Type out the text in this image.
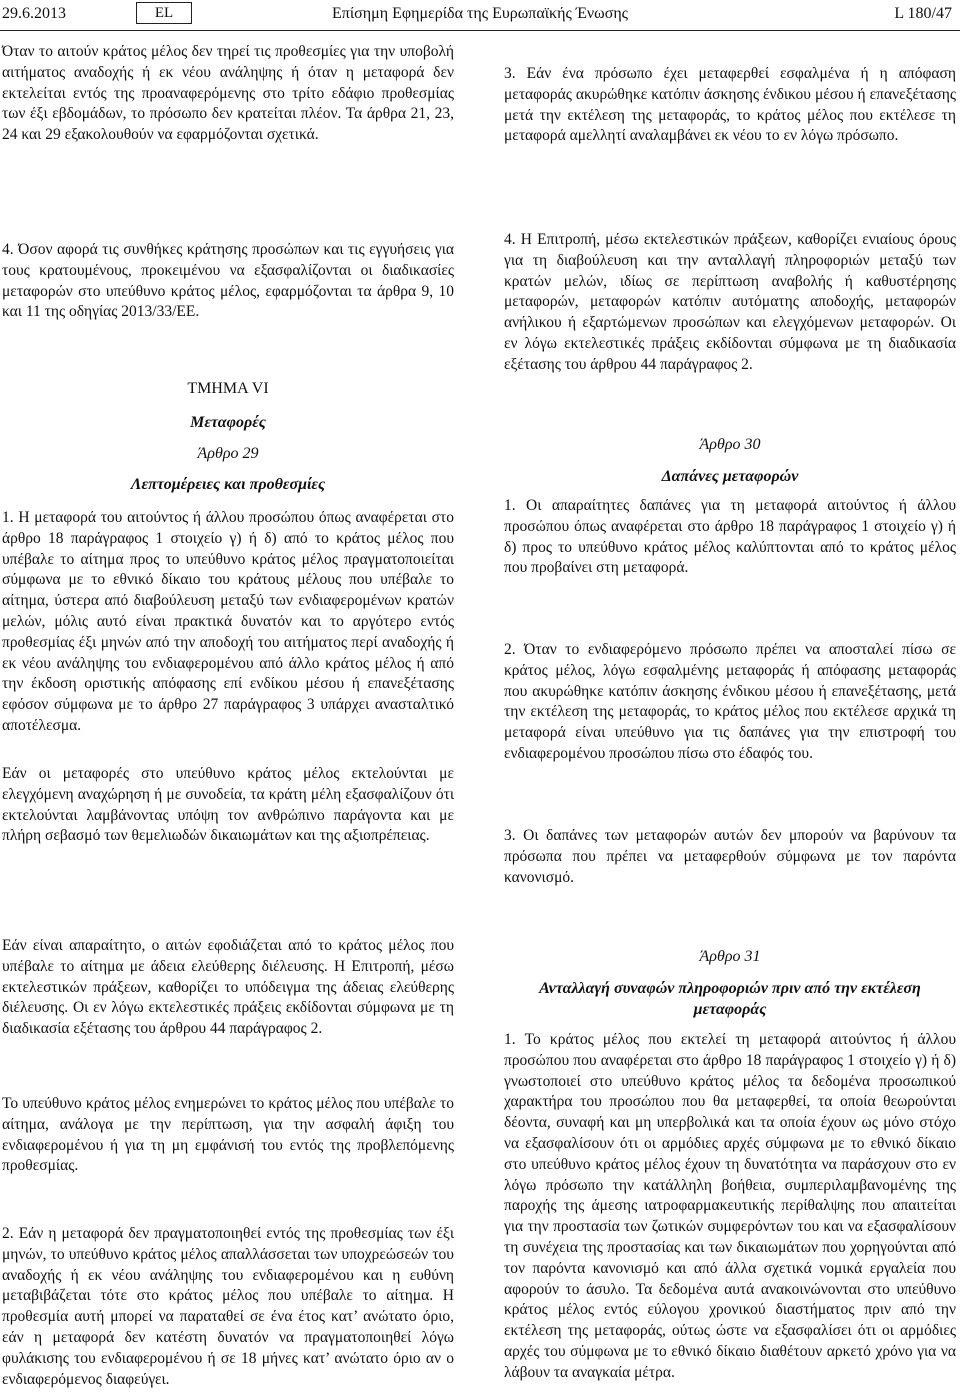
29.6.2013	EL	Επίσημη Εφημερίδα της Ευρωπαϊκής Ένωσης	L 180/47

Όταν το αιτούν κράτος μέλος δεν τηρεί τις προθεσμίες για την υποβολή αιτήματος αναδοχής ή εκ νέου ανάληψης ή όταν η μεταφορά δεν εκτελείται εντός της προαναφερόμενης στο τρίτο εδάφιο προθεσμίας των έξι εβδομάδων, το πρόσωπο δεν κρατείται πλέον. Τα άρθρα 21, 23, 24 και 29 εξακολουθούν να εφαρμόζονται σχετικά.

4. Όσον αφορά τις συνθήκες κράτησης προσώπων και τις εγγυήσεις για τους κρατουμένους, προκειμένου να εξασφαλίζονται οι διαδικασίες μεταφορών στο υπεύθυνο κράτος μέλος, εφαρμόζονται τα άρθρα 9, 10 και 11 της οδηγίας 2013/33/ΕΕ.

ΤΜΗΜΑ VI
Μεταφορές
Άρθρο 29
Λεπτομέρειες και προθεσμίες

1. Η μεταφορά του αιτούντος ή άλλου προσώπου όπως αναφέρεται στο άρθρο 18 παράγραφος 1 στοιχείο γ) ή δ) από το κράτος μέλος που υπέβαλε το αίτημα προς το υπεύθυνο κράτος μέλος πραγματοποιείται σύμφωνα με το εθνικό δίκαιο του κράτους μέλους που υπέβαλε το αίτημα, ύστερα από διαβούλευση μεταξύ των ενδιαφερομένων κρατών μελών, μόλις αυτό είναι πρακτικά δυνατόν και το αργότερο εντός προθεσμίας έξι μηνών από την αποδοχή του αιτήματος περί αναδοχής ή εκ νέου ανάληψης του ενδιαφερομένου από άλλο κράτος μέλος ή από την έκδοση οριστικής απόφασης επί ενδίκου μέσου ή επανεξέτασης εφόσον σύμφωνα με το άρθρο 27 παράγραφος 3 υπάρχει ανασταλτικό αποτέλεσμα.

Εάν οι μεταφορές στο υπεύθυνο κράτος μέλος εκτελούνται με ελεγχόμενη αναχώρηση ή με συνοδεία, τα κράτη μέλη εξασφαλίζουν ότι εκτελούνται λαμβάνοντας υπόψη τον ανθρώπινο παράγοντα και με πλήρη σεβασμό των θεμελιωδών δικαιωμάτων και της αξιοπρέπειας.

Εάν είναι απαραίτητο, ο αιτών εφοδιάζεται από το κράτος μέλος που υπέβαλε το αίτημα με άδεια ελεύθερης διέλευσης. Η Επιτροπή, μέσω εκτελεστικών πράξεων, καθορίζει το υπόδειγμα της άδειας ελεύθερης διέλευσης. Οι εν λόγω εκτελεστικές πράξεις εκδίδονται σύμφωνα με τη διαδικασία εξέτασης του άρθρου 44 παράγραφος 2.

Το υπεύθυνο κράτος μέλος ενημερώνει το κράτος μέλος που υπέβαλε το αίτημα, ανάλογα με την περίπτωση, για την ασφαλή άφιξη του ενδιαφερομένου ή για τη μη εμφάνισή του εντός της προβλεπόμενης προθεσμίας.

2. Εάν η μεταφορά δεν πραγματοποιηθεί εντός της προθεσμίας των έξι μηνών, το υπεύθυνο κράτος μέλος απαλλάσσεται των υποχρεώσεών του αναδοχής ή εκ νέου ανάληψης του ενδιαφερομένου και η ευθύνη μεταβιβάζεται τότε στο κράτος μέλος που υπέβαλε το αίτημα. Η προθεσμία αυτή μπορεί να παραταθεί σε ένα έτος κατ’ ανώτατο όριο, εάν η μεταφορά δεν κατέστη δυνατόν να πραγματοποιηθεί λόγω φυλάκισης του ενδιαφερομένου ή σε 18 μήνες κατ’ ανώτατο όριο αν ο ενδιαφερόμενος διαφεύγει.

3. Εάν ένα πρόσωπο έχει μεταφερθεί εσφαλμένα ή η απόφαση μεταφοράς ακυρώθηκε κατόπιν άσκησης ένδικου μέσου ή επανεξέτασης μετά την εκτέλεση της μεταφοράς, το κράτος μέλος που εκτέλεσε τη μεταφορά αμελλητί αναλαμβάνει εκ νέου το εν λόγω πρόσωπο.

4. Η Επιτροπή, μέσω εκτελεστικών πράξεων, καθορίζει ενιαίους όρους για τη διαβούλευση και την ανταλλαγή πληροφοριών μεταξύ των κρατών μελών, ιδίως σε περίπτωση αναβολής ή καθυστέρησης μεταφορών, μεταφορών κατόπιν αυτόματης αποδοχής, μεταφορών ανήλικου ή εξαρτώμενων προσώπων και ελεγχόμενων μεταφορών. Οι εν λόγω εκτελεστικές πράξεις εκδίδονται σύμφωνα με τη διαδικασία εξέτασης του άρθρου 44 παράγραφος 2.

Άρθρο 30
Δαπάνες μεταφορών

1. Οι απαραίτητες δαπάνες για τη μεταφορά αιτούντος ή άλλου προσώπου όπως αναφέρεται στο άρθρο 18 παράγραφος 1 στοιχείο γ) ή δ) προς το υπεύθυνο κράτος μέλος καλύπτονται από το κράτος μέλος που προβαίνει στη μεταφορά.

2. Όταν το ενδιαφερόμενο πρόσωπο πρέπει να αποσταλεί πίσω σε κράτος μέλος, λόγω εσφαλμένης μεταφοράς ή απόφασης μεταφοράς που ακυρώθηκε κατόπιν άσκησης ένδικου μέσου ή επανεξέτασης, μετά την εκτέλεση της μεταφοράς, το κράτος μέλος που εκτέλεσε αρχικά τη μεταφορά είναι υπεύθυνο για τις δαπάνες για την επιστροφή του ενδιαφερομένου προσώπου πίσω στο έδαφός του.

3. Οι δαπάνες των μεταφορών αυτών δεν μπορούν να βαρύνουν τα πρόσωπα που πρέπει να μεταφερθούν σύμφωνα με τον παρόντα κανονισμό.

Άρθρο 31
Ανταλλαγή συναφών πληροφοριών πριν από την εκτέλεση μεταφοράς

1. Το κράτος μέλος που εκτελεί τη μεταφορά αιτούντος ή άλλου προσώπου που αναφέρεται στο άρθρο 18 παράγραφος 1 στοιχείο γ) ή δ) γνωστοποιεί στο υπεύθυνο κράτος μέλος τα δεδομένα προσωπικού χαρακτήρα του προσώπου που θα μεταφερθεί, τα οποία θεωρούνται δέοντα, συναφή και μη υπερβολικά και τα οποία έχουν ως μόνο στόχο να εξασφαλίσουν ότι οι αρμόδιες αρχές σύμφωνα με το εθνικό δίκαιο στο υπεύθυνο κράτος μέλος έχουν τη δυνατότητα να παράσχουν στο εν λόγω πρόσωπο την κατάλληλη βοήθεια, συμπεριλαμβανομένης της παροχής της άμεσης ιατροφαρμακευτικής περίθαλψης που απαιτείται για την προστασία των ζωτικών συμφερόντων του και να εξασφαλίσουν τη συνέχεια της προστασίας και των δικαιωμάτων που χορηγούνται από τον παρόντα κανονισμό και από άλλα σχετικά νομικά εργαλεία που αφορούν το άσυλο. Τα δεδομένα αυτά ανακοινώνονται στο υπεύθυνο κράτος μέλος εντός εύλογου χρονικού διαστήματος πριν από την εκτέλεση της μεταφοράς, ούτως ώστε να εξασφαλίσει ότι οι αρμόδιες αρχές του σύμφωνα με το εθνικό δίκαιο διαθέτουν αρκετό χρόνο για να λάβουν τα αναγκαία μέτρα.
